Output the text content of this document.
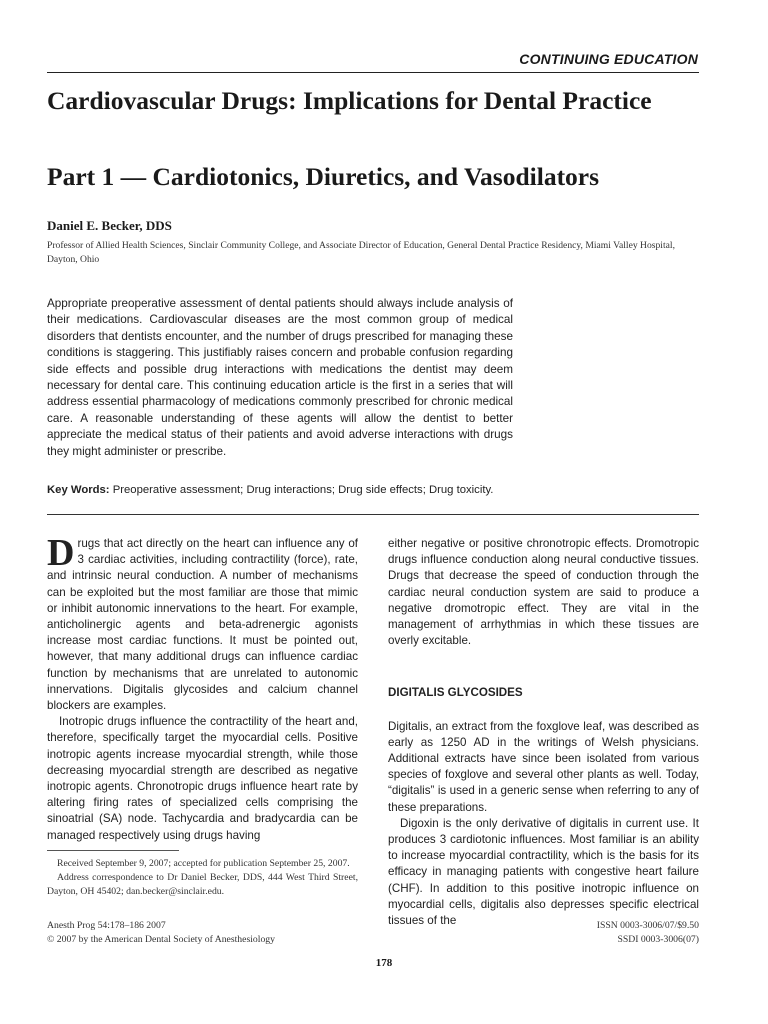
CONTINUING EDUCATION
Cardiovascular Drugs: Implications for Dental Practice
Part 1 — Cardiotonics, Diuretics, and Vasodilators
Daniel E. Becker, DDS
Professor of Allied Health Sciences, Sinclair Community College, and Associate Director of Education, General Dental Practice Residency, Miami Valley Hospital, Dayton, Ohio

Appropriate preoperative assessment of dental patients should always include analysis of their medications. Cardiovascular diseases are the most common group of medical disorders that dentists encounter, and the number of drugs prescribed for managing these conditions is staggering. This justifiably raises concern and probable confusion regarding side effects and possible drug interactions with medications the dentist may deem necessary for dental care. This continuing education article is the first in a series that will address essential pharmacology of medications commonly prescribed for chronic medical care. A reasonable understanding of these agents will allow the dentist to better appreciate the medical status of their patients and avoid adverse interactions with drugs they might administer or prescribe.

Key Words: Preoperative assessment; Drug interactions; Drug side effects; Drug toxicity.

Drugs that act directly on the heart can influence any of 3 cardiac activities, including contractility (force), rate, and intrinsic neural conduction. A number of mechanisms can be exploited but the most familiar are those that mimic or inhibit autonomic innervations to the heart. For example, anticholinergic agents and beta-adrenergic agonists increase most cardiac functions. It must be pointed out, however, that many additional drugs can influence cardiac function by mechanisms that are unrelated to autonomic innervations. Digitalis glycosides and calcium channel blockers are examples.

Inotropic drugs influence the contractility of the heart and, therefore, specifically target the myocardial cells. Positive inotropic agents increase myocardial strength, while those decreasing myocardial strength are described as negative inotropic agents. Chronotropic drugs influence heart rate by altering firing rates of specialized cells comprising the sinoatrial (SA) node. Tachycardia and bradycardia can be managed respectively using drugs having

either negative or positive chronotropic effects. Dromotropic drugs influence conduction along neural conductive tissues. Drugs that decrease the speed of conduction through the cardiac neural conduction system are said to produce a negative dromotropic effect. They are vital in the management of arrhythmias in which these tissues are overly excitable.

DIGITALIS GLYCOSIDES

Digitalis, an extract from the foxglove leaf, was described as early as 1250 AD in the writings of Welsh physicians. Additional extracts have since been isolated from various species of foxglove and several other plants as well. Today, “digitalis” is used in a generic sense when referring to any of these preparations.

Digoxin is the only derivative of digitalis in current use. It produces 3 cardiotonic influences. Most familiar is an ability to increase myocardial contractility, which is the basis for its efficacy in managing patients with congestive heart failure (CHF). In addition to this positive inotropic influence on myocardial cells, digitalis also depresses specific electrical tissues of the

Received September 9, 2007; accepted for publication September 25, 2007.

Address correspondence to Dr Daniel Becker, DDS, 444 West Third Street, Dayton, OH 45402; dan.becker@sinclair.edu.

Anesth Prog 54:178–186 2007
© 2007 by the American Dental Society of Anesthesiology
ISSN 0003-3006/07/$9.50
SSDI 0003-3006(07)
178
